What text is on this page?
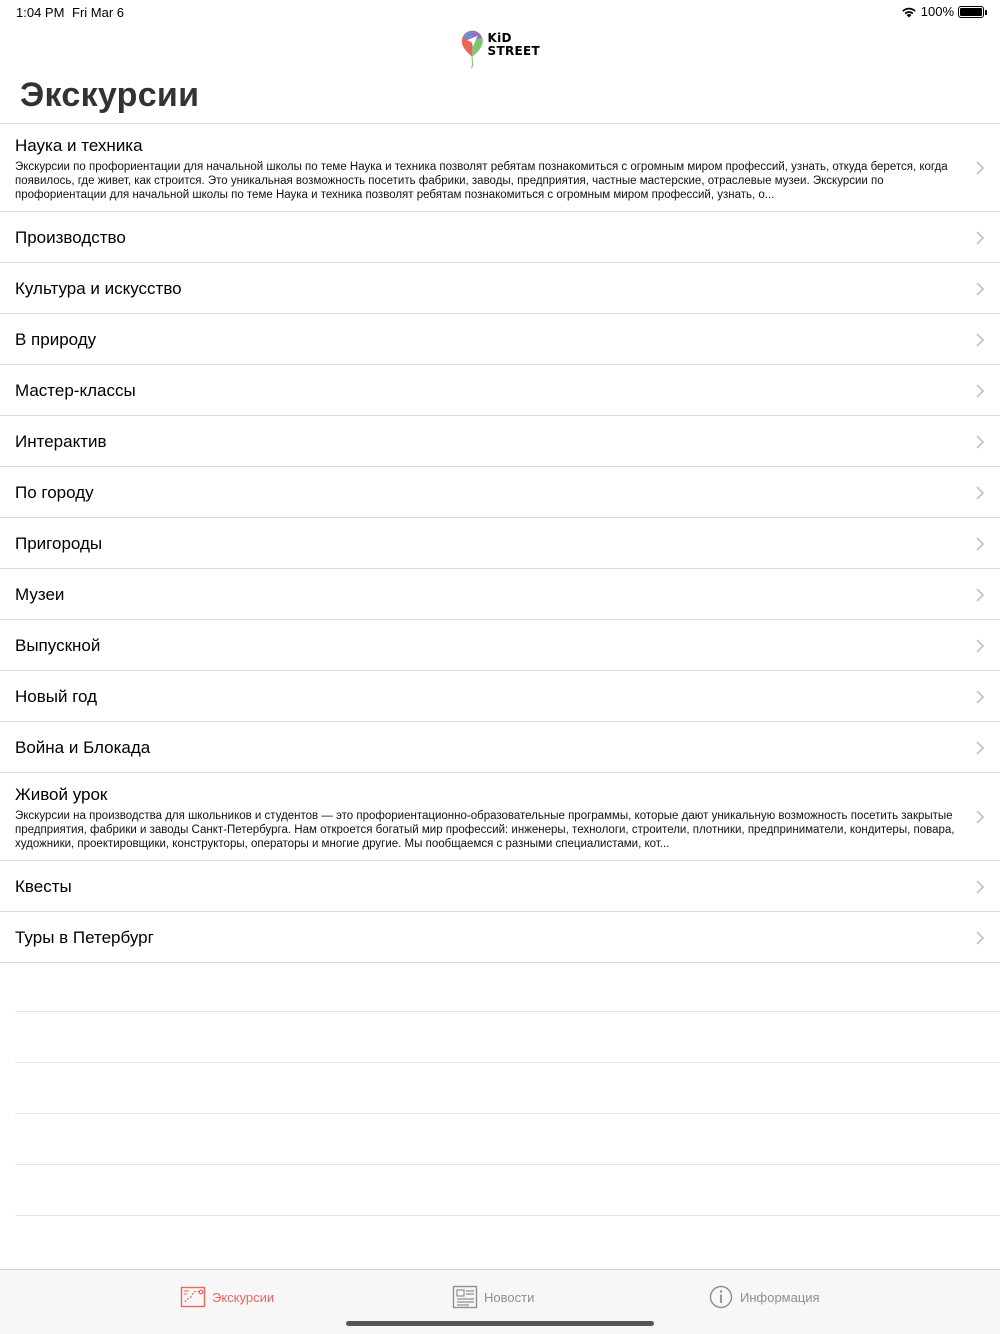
1:04 PM Fri Mar 6	100%
KiD
STREET
Экскурсии
Наука и техника
Экскурсии по профориентации для начальной школы по теме Наука и техника позволят ребятам познакомиться с огромным миром профессий, узнать, откуда берется, когда появилось, где живет, как строится. Это уникальная возможность посетить фабрики, заводы, предприятия, частные мастерские, отраслевые музеи. Экскурсии по профориентации для начальной школы по теме Наука и техника позволят ребятам познакомиться с огромным миром профессий, узнать, о...
Производство
Культура и искусство
В природу
Мастер-классы
Интерактив
По городу
Пригороды
Музеи
Выпускной
Новый год
Война и Блокада
Живой урок
Экскурсии на производства для школьников и студентов — это профориентационно-образовательные программы, которые дают уникальную возможность посетить закрытые предприятия, фабрики и заводы Санкт-Петербурга. Нам откроется богатый мир профессий: инженеры, технологи, строители, плотники, предприниматели, кондитеры, повара, художники, проектировщики, конструкторы, операторы и многие другие. Мы пообщаемся с разными специалистами, кот...
Квесты
Туры в Петербург
Экскурсии	Новости	Информация
